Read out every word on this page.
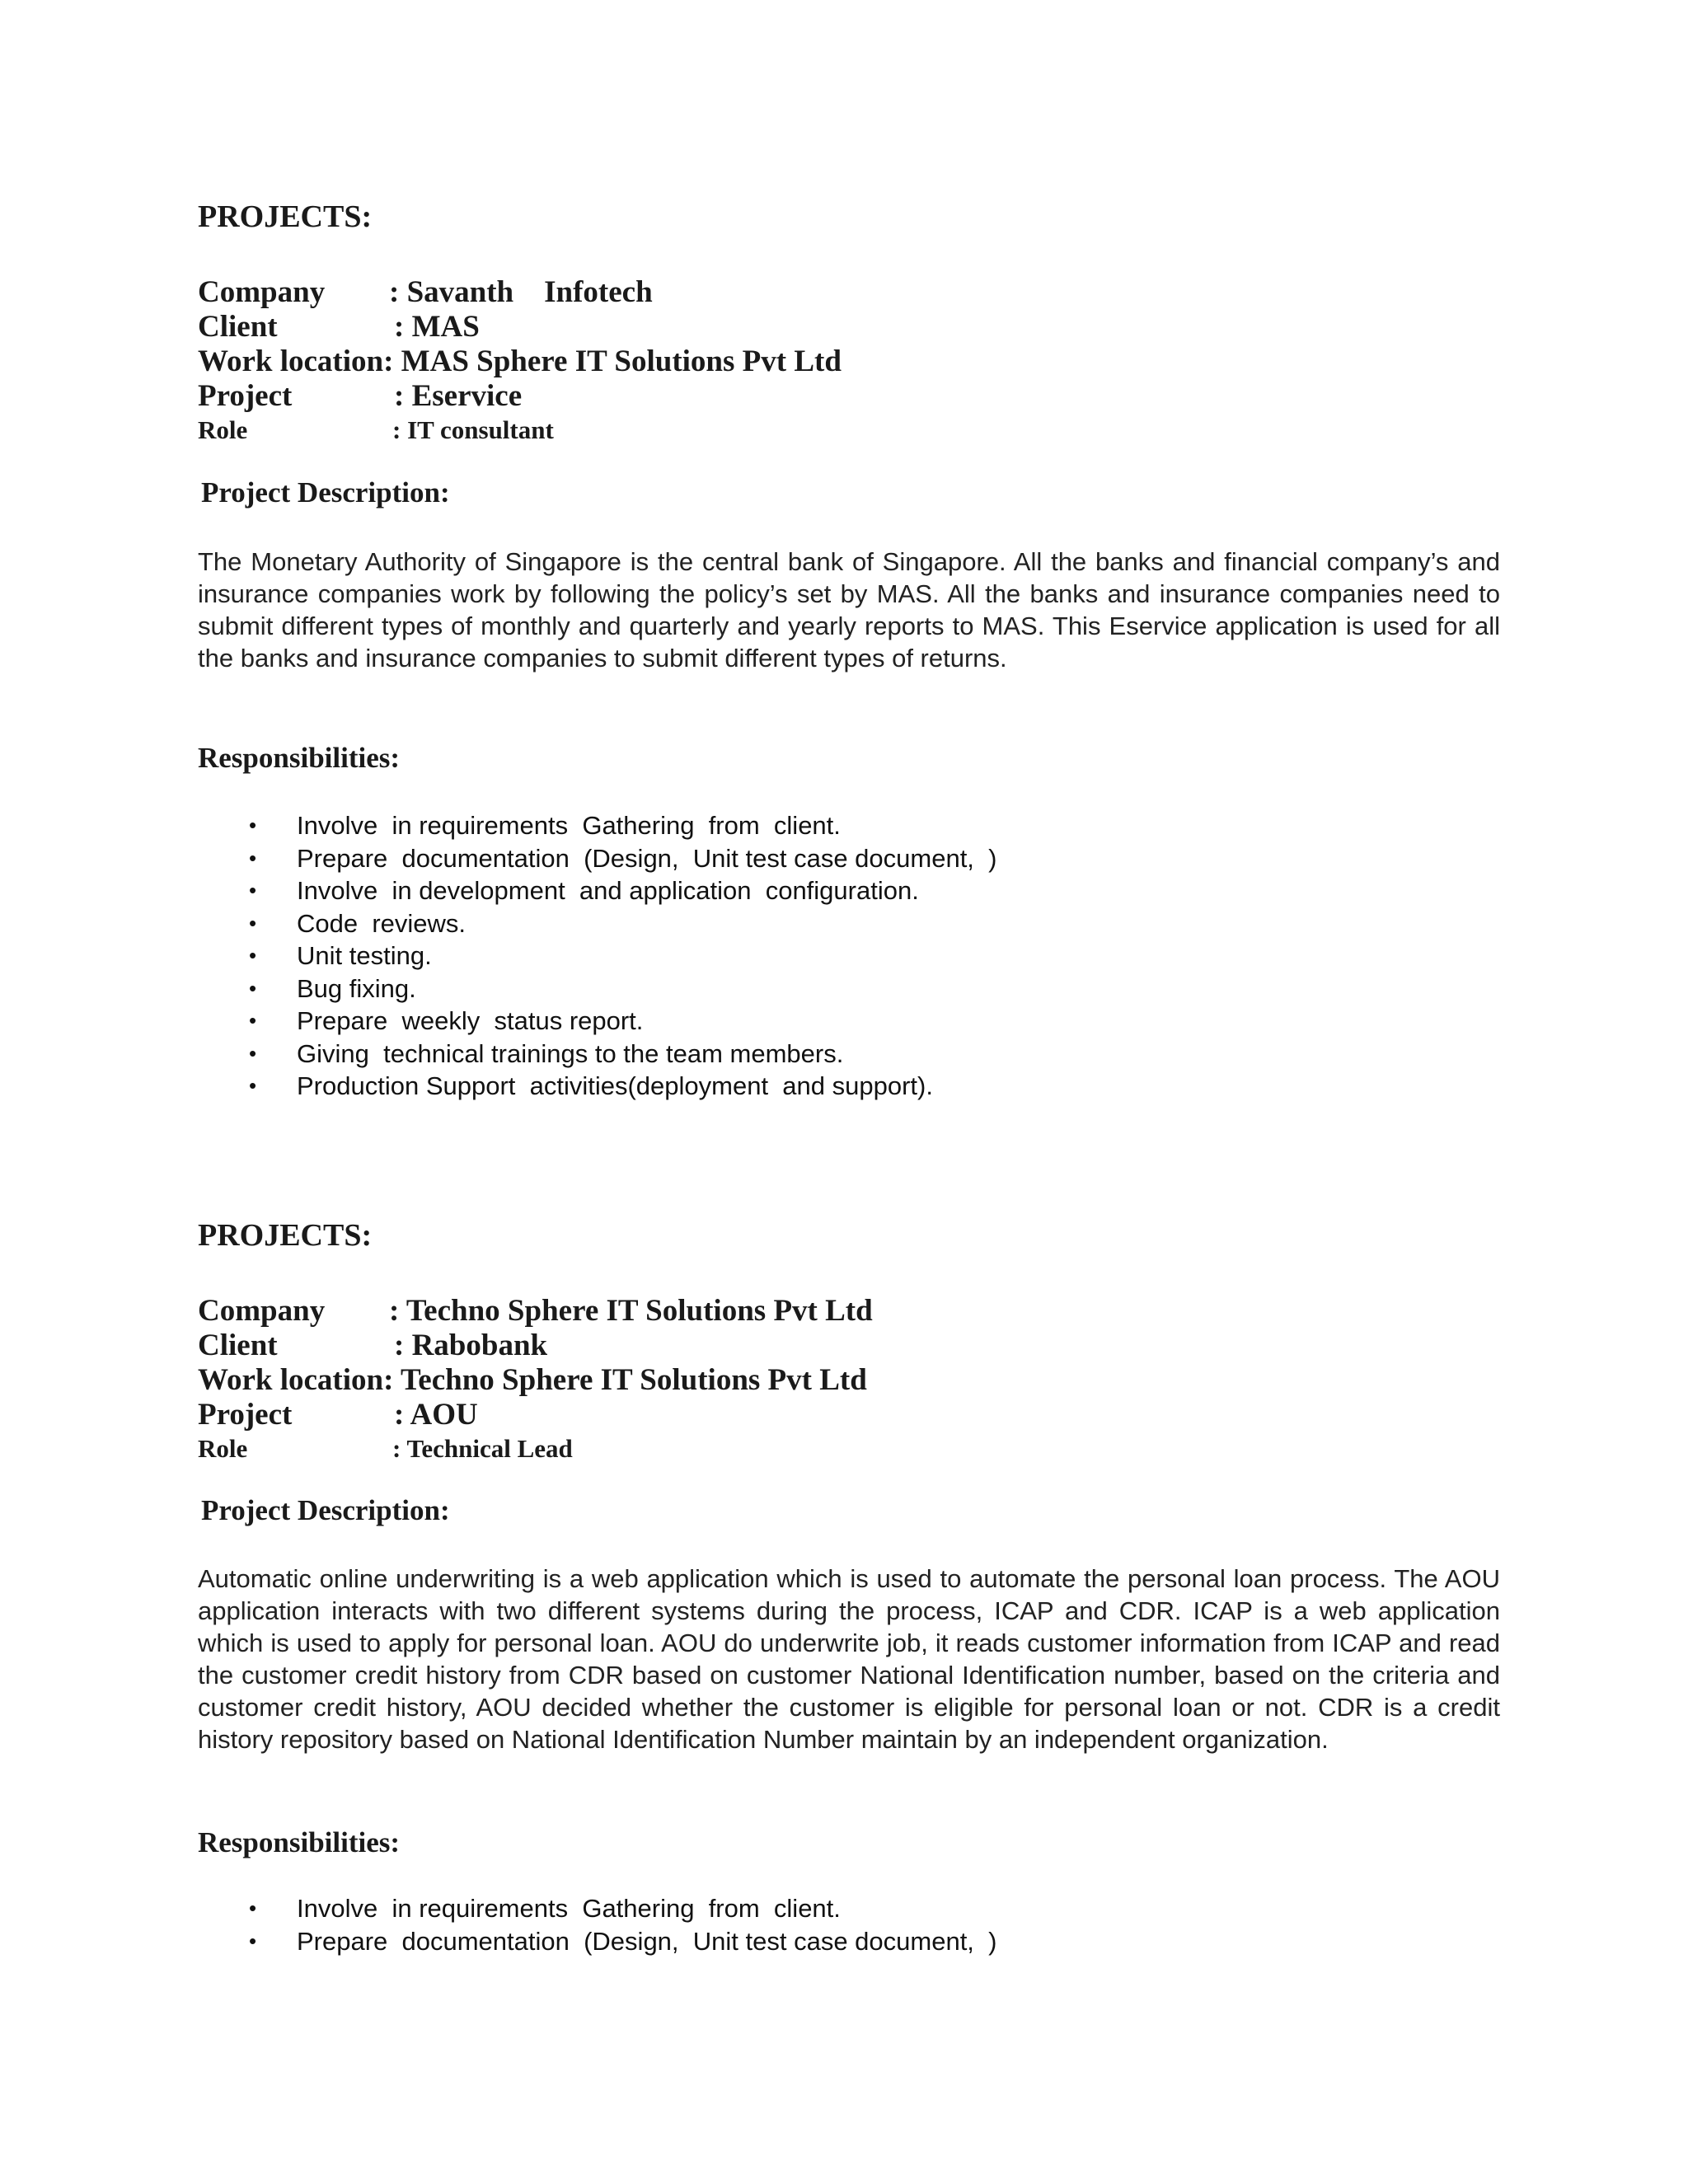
PROJECTS:
Company	: Savanth    Infotech
Client	: MAS
Work location: MAS Sphere IT Solutions Pvt Ltd
Project	: Eservice
Role	: IT consultant
Project Description:

The Monetary Authority of Singapore is the central bank of Singapore. All the banks and financial company’s and insurance companies work by following the policy’s set by MAS. All the banks and insurance companies need to submit different types of monthly and quarterly and yearly reports to MAS. This Eservice application is used for all the banks and insurance companies to submit different types of returns.

Responsibilities:
• Involve  in requirements  Gathering  from  client.
• Prepare  documentation  (Design,  Unit test case document,  )
• Involve  in development  and application  configuration.
• Code  reviews.
• Unit testing.
• Bug fixing.
• Prepare  weekly  status report.
• Giving  technical trainings to the team members.
• Production Support  activities(deployment  and support).
PROJECTS:
Company	: Techno Sphere IT Solutions Pvt Ltd
Client	: Rabobank
Work location: Techno Sphere IT Solutions Pvt Ltd
Project	: AOU
Role	: Technical Lead
Project Description:

Automatic online underwriting is a web application which is used to automate the personal loan process. The AOU application interacts with two different systems during the process, ICAP and CDR. ICAP is a web application which is used to apply for personal loan. AOU do underwrite job, it reads customer information from ICAP and read the customer credit history from CDR based on customer National Identification number, based on the criteria and customer credit history, AOU decided whether the customer is eligible for personal loan or not. CDR is a credit history repository based on National Identification Number maintain by an independent organization.

Responsibilities:
• Involve  in requirements  Gathering  from  client.
• Prepare  documentation  (Design,  Unit test case document,  )
